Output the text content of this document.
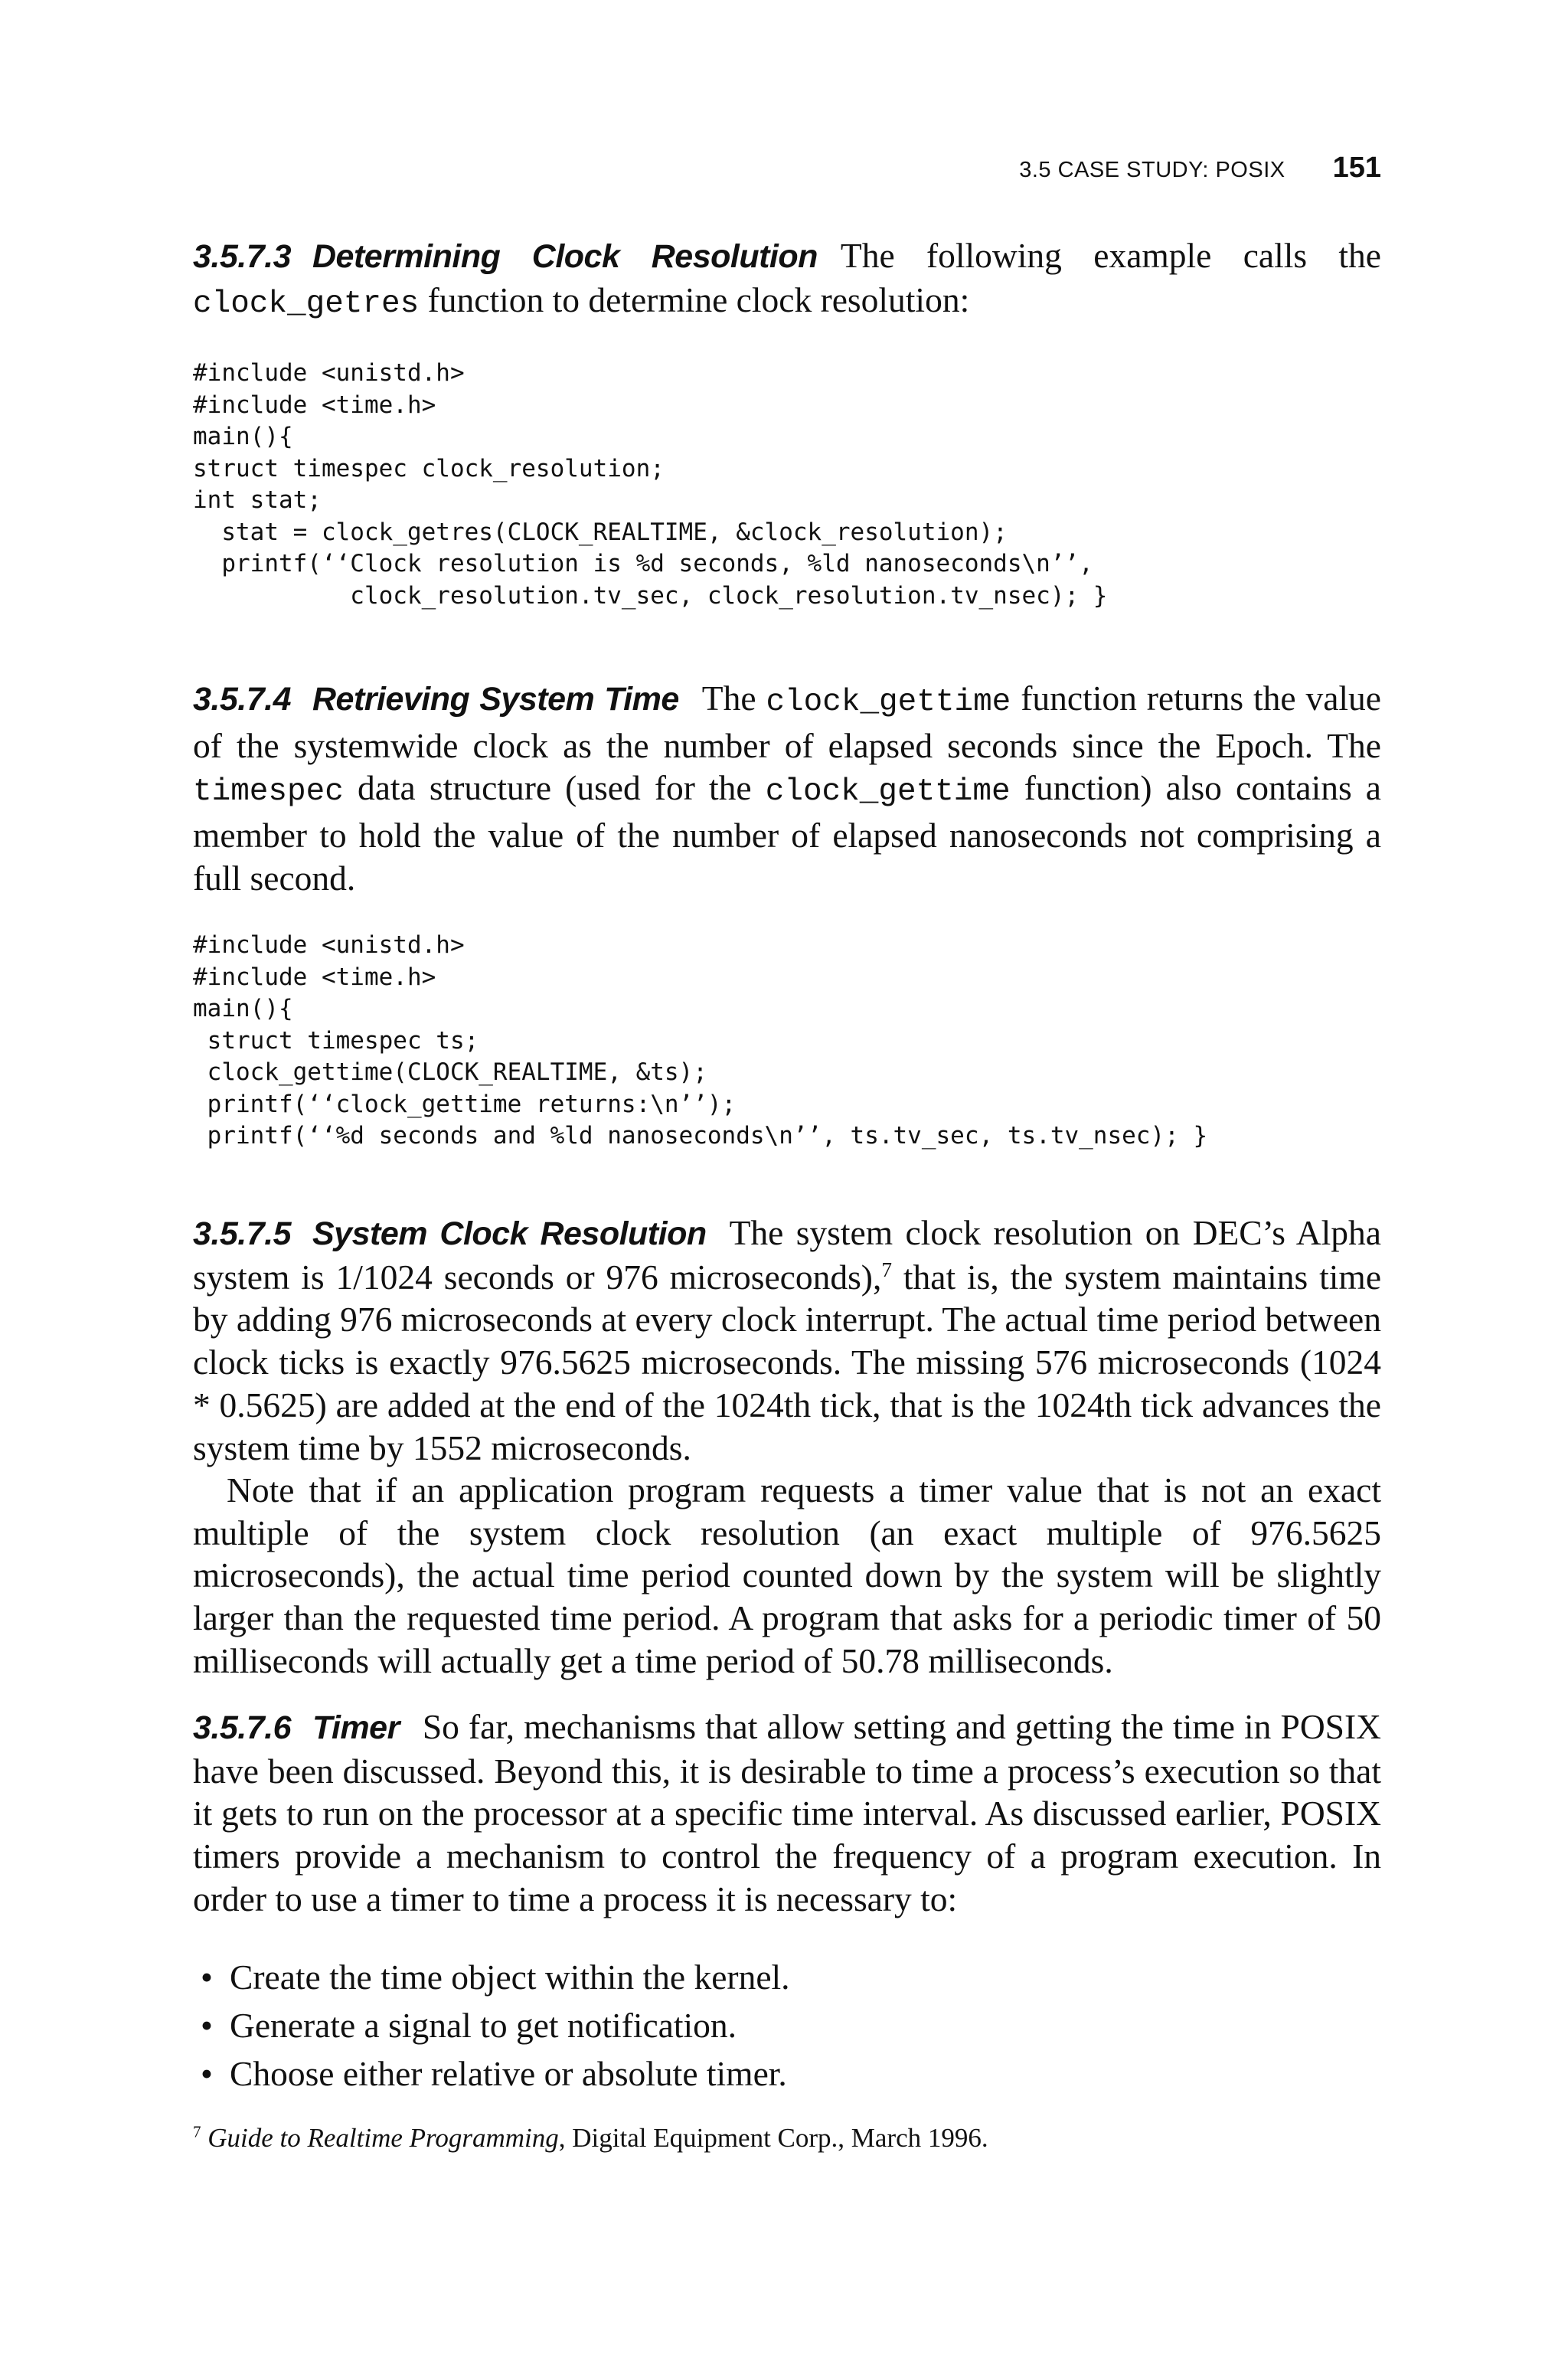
3.5 CASE STUDY: POSIX 151

3.5.7.3 Determining Clock Resolution The following example calls the clock_getres function to determine clock resolution:

#include <unistd.h>
#include <time.h>
main(){
struct timespec clock_resolution;
int stat;
stat = clock_getres(CLOCK_REALTIME, &clock_resolution);
printf(‘‘Clock resolution is %d seconds, %ld nanoseconds\n’’,
clock_resolution.tv_sec, clock_resolution.tv_nsec); }

3.5.7.4 Retrieving System Time The clock_gettime function returns the value of the systemwide clock as the number of elapsed seconds since the Epoch. The timespec data structure (used for the clock_gettime function) also contains a member to hold the value of the number of elapsed nanoseconds not comprising a full second.

#include <unistd.h>
#include <time.h>
main(){
struct timespec ts;
clock_gettime(CLOCK_REALTIME, &ts);
printf(‘‘clock_gettime returns:\n’’);
printf(‘‘%d seconds and %ld nanoseconds\n’’, ts.tv_sec, ts.tv_nsec); }

3.5.7.5 System Clock Resolution The system clock resolution on DEC’s Alpha system is 1/1024 seconds or 976 microseconds),$^7$ that is, the system maintains time by adding 976 microseconds at every clock interrupt. The actual time period between clock ticks is exactly 976.5625 microseconds. The missing 576 microseconds (1024 * 0.5625) are added at the end of the 1024th tick, that is the 1024th tick advances the system time by 1552 microseconds.

Note that if an application program requests a timer value that is not an exact multiple of the system clock resolution (an exact multiple of 976.5625 microseconds), the actual time period counted down by the system will be slightly larger than the requested time period. A program that asks for a periodic timer of 50 milliseconds will actually get a time period of 50.78 milliseconds.

3.5.7.6 Timer So far, mechanisms that allow setting and getting the time in POSIX have been discussed. Beyond this, it is desirable to time a process’s execution so that it gets to run on the processor at a specific time interval. As discussed earlier, POSIX timers provide a mechanism to control the frequency of a program execution. In order to use a timer to time a process it is necessary to:

• Create the time object within the kernel.
• Generate a signal to get notification.
• Choose either relative or absolute timer.

$^7$ Guide to Realtime Programming, Digital Equipment Corp., March 1996.
